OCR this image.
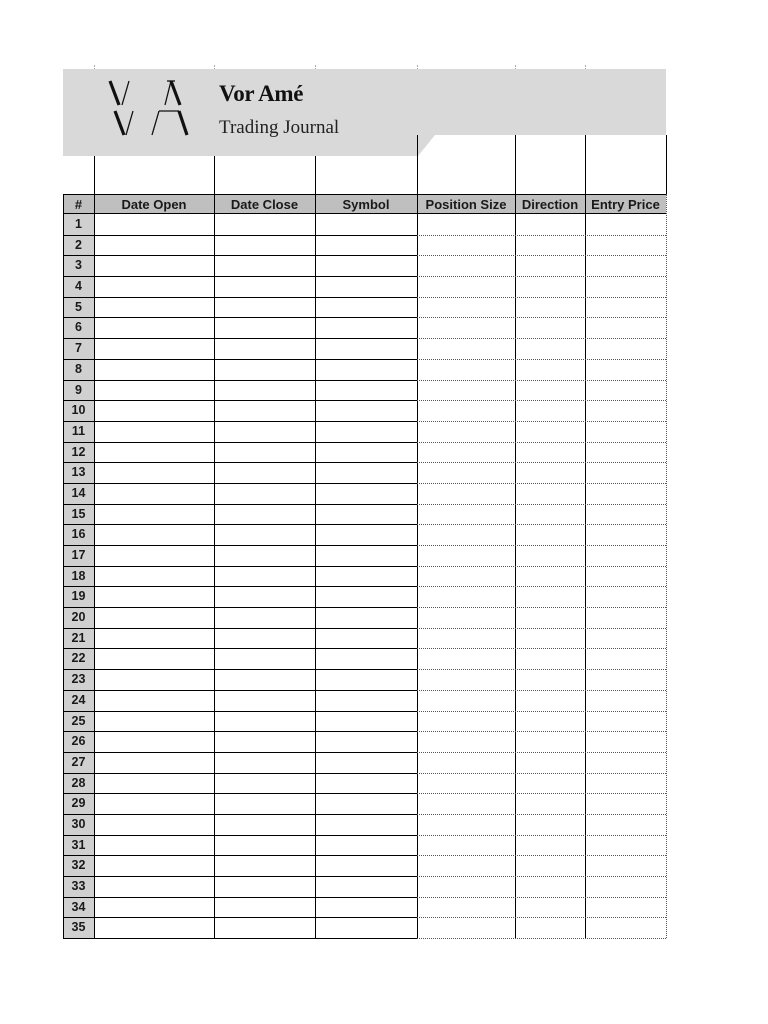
Vor Amé
Trading Journal
#	Date Open	Date Close	Symbol	Position Size	Direction	Entry Price
1
2
3
4
5
6
7
8
9
10
11
12
13
14
15
16
17
18
19
20
21
22
23
24
25
26
27
28
29
30
31
32
33
34
35
